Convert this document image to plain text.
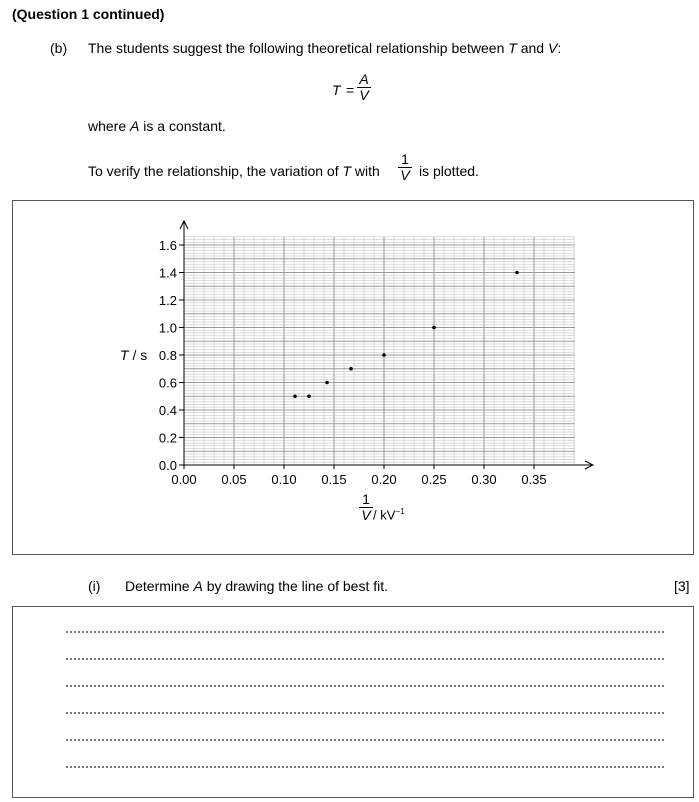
(Question 1 continued)
(b) The students suggest the following theoretical relationship between T and V:
$T = \frac{A}{V}$
where A is a constant.
To verify the relationship, the variation of T with $\frac{1}{V}$ is plotted.
0.0
0.2
0.4
0.6
0.8
1.0
1.2
1.4
1.6
0.00 0.05 0.10 0.15 0.20 0.25 0.30 0.35
T / s
$\frac{1}{V} / kV^{-1}$
(i) Determine A by drawing the line of best fit.	[3]
